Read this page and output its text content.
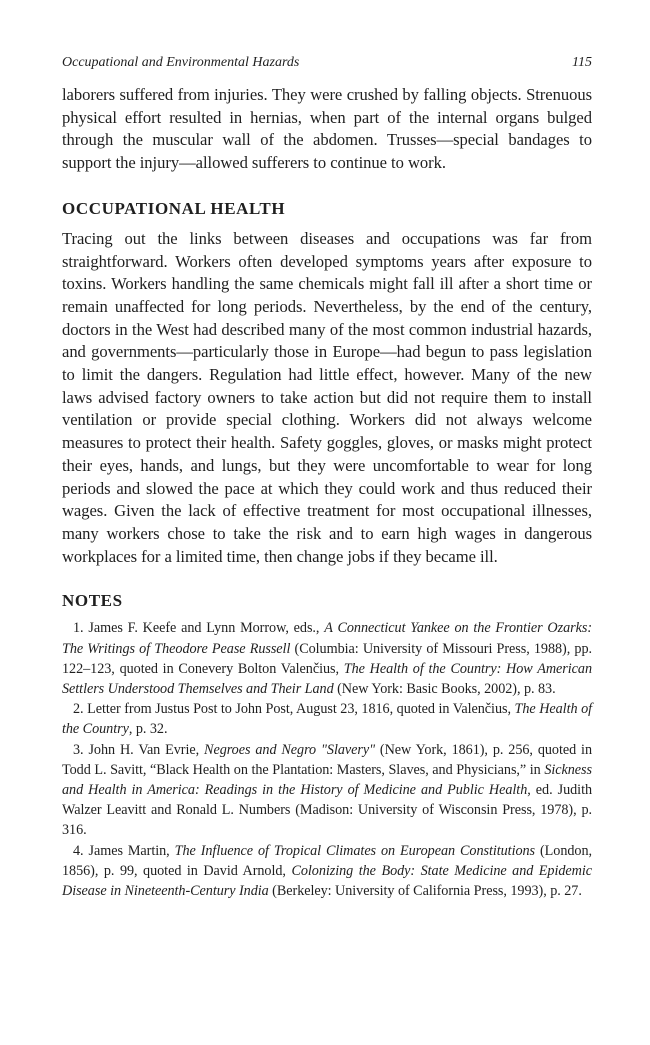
Occupational and Environmental Hazards	115

laborers suffered from injuries. They were crushed by falling objects. Strenuous physical effort resulted in hernias, when part of the internal organs bulged through the muscular wall of the abdomen. Trusses—special bandages to support the injury—allowed sufferers to continue to work.

OCCUPATIONAL HEALTH

Tracing out the links between diseases and occupations was far from straightforward. Workers often developed symptoms years after exposure to toxins. Workers handling the same chemicals might fall ill after a short time or remain unaffected for long periods. Nevertheless, by the end of the century, doctors in the West had described many of the most common industrial hazards, and governments—particularly those in Europe—had begun to pass legislation to limit the dangers. Regulation had little effect, however. Many of the new laws advised factory owners to take action but did not require them to install ventilation or provide special clothing. Workers did not always welcome measures to protect their health. Safety goggles, gloves, or masks might protect their eyes, hands, and lungs, but they were uncomfortable to wear for long periods and slowed the pace at which they could work and thus reduced their wages. Given the lack of effective treatment for most occupational illnesses, many workers chose to take the risk and to earn high wages in dangerous workplaces for a limited time, then change jobs if they became ill.

NOTES

1. James F. Keefe and Lynn Morrow, eds., A Connecticut Yankee on the Frontier Ozarks: The Writings of Theodore Pease Russell (Columbia: University of Missouri Press, 1988), pp. 122–123, quoted in Conevery Bolton Valenčius, The Health of the Country: How American Settlers Understood Themselves and Their Land (New York: Basic Books, 2002), p. 83.

2. Letter from Justus Post to John Post, August 23, 1816, quoted in Valenčius, The Health of the Country, p. 32.

3. John H. Van Evrie, Negroes and Negro "Slavery" (New York, 1861), p. 256, quoted in Todd L. Savitt, “Black Health on the Plantation: Masters, Slaves, and Physicians,” in Sickness and Health in America: Readings in the History of Medicine and Public Health, ed. Judith Walzer Leavitt and Ronald L. Numbers (Madison: University of Wisconsin Press, 1978), p. 316.

4. James Martin, The Influence of Tropical Climates on European Constitutions (London, 1856), p. 99, quoted in David Arnold, Colonizing the Body: State Medicine and Epidemic Disease in Nineteenth-Century India (Berkeley: University of California Press, 1993), p. 27.
